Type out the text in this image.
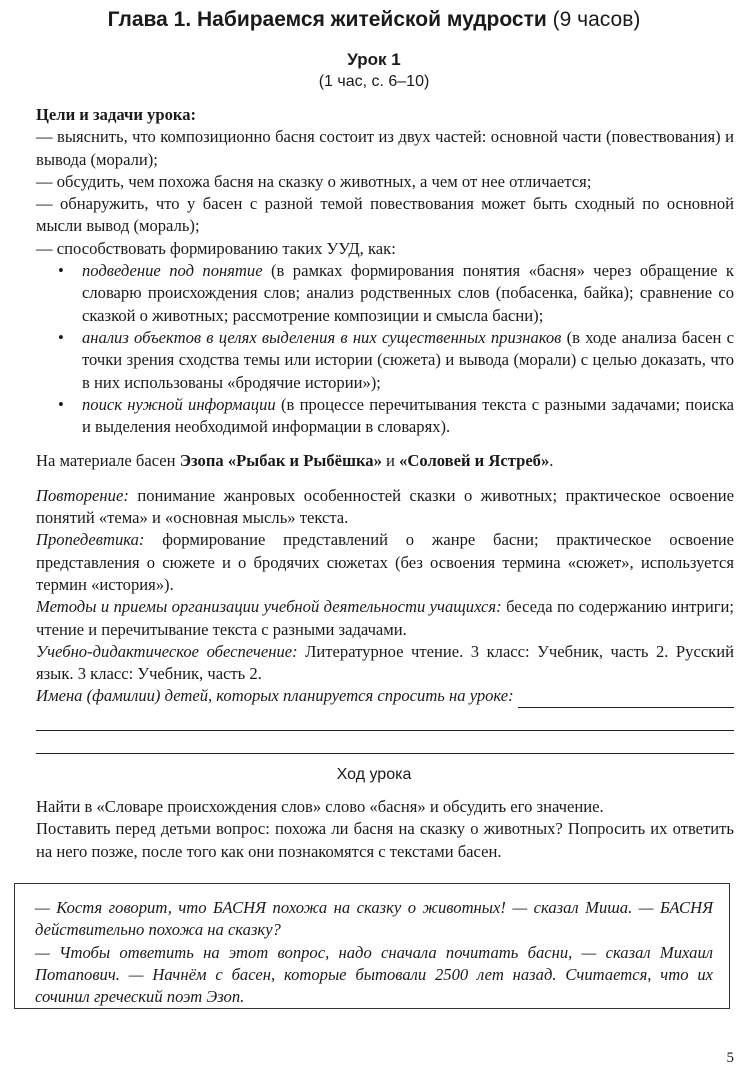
Глава 1. Набираемся житейской мудрости (9 часов)
Урок 1
(1 час, с. 6–10)

Цели и задачи урока:

— выяснить, что композиционно басня состоит из двух частей: основной части (повествования) и вывода (морали);

— обсудить, чем похожа басня на сказку о животных, а чем от нее отличается;

— обнаружить, что у басен с разной темой повествования может быть сходный по основной мысли вывод (мораль);

— способствовать формированию таких УУД, как:

• подведение под понятие (в рамках формирования понятия «басня» через обращение к словарю происхождения слов; анализ родственных слов (побасенка, байка); сравнение со сказкой о животных; рассмотрение композиции и смысла басни);
• анализ объектов в целях выделения в них существенных признаков (в ходе анализа басен с точки зрения сходства темы или истории (сюжета) и вывода (морали) с целью доказать, что в них использованы «бродячие истории»);
• поиск нужной информации (в процессе перечитывания текста с разными задачами; поиска и выделения необходимой информации в словарях).

На материале басен Эзопа «Рыбак и Рыбёшка» и «Соловей и Ястреб».

Повторение: понимание жанровых особенностей сказки о животных; практическое освоение понятий «тема» и «основная мысль» текста.

Пропедевтика: формирование представлений о жанре басни; практическое освоение представления о сюжете и о бродячих сюжетах (без освоения термина «сюжет», используется термин «история»).

Методы и приемы организации учебной деятельности учащихся: беседа по содержанию интриги; чтение и перечитывание текста с разными задачами.

Учебно-дидактическое обеспечение: Литературное чтение. 3 класс: Учебник, часть 2. Русский язык. 3 класс: Учебник, часть 2.

Имена (фамилии) детей, которых планируется спросить на уроке:
Ход урока

Найти в «Словаре происхождения слов» слово «басня» и обсудить его значение.

Поставить перед детьми вопрос: похожа ли басня на сказку о животных? Попросить их ответить на него позже, после того как они познакомятся с текстами басен.

— Костя говорит, что БАСНЯ похожа на сказку о животных! — сказал Миша. — БАСНЯ действительно похожа на сказку?

— Чтобы ответить на этот вопрос, надо сначала почитать басни, — сказал Михаил Потапович. — Начнём с басен, которые бытовали 2500 лет назад. Считается, что их сочинил греческий поэт Эзоп.

5
